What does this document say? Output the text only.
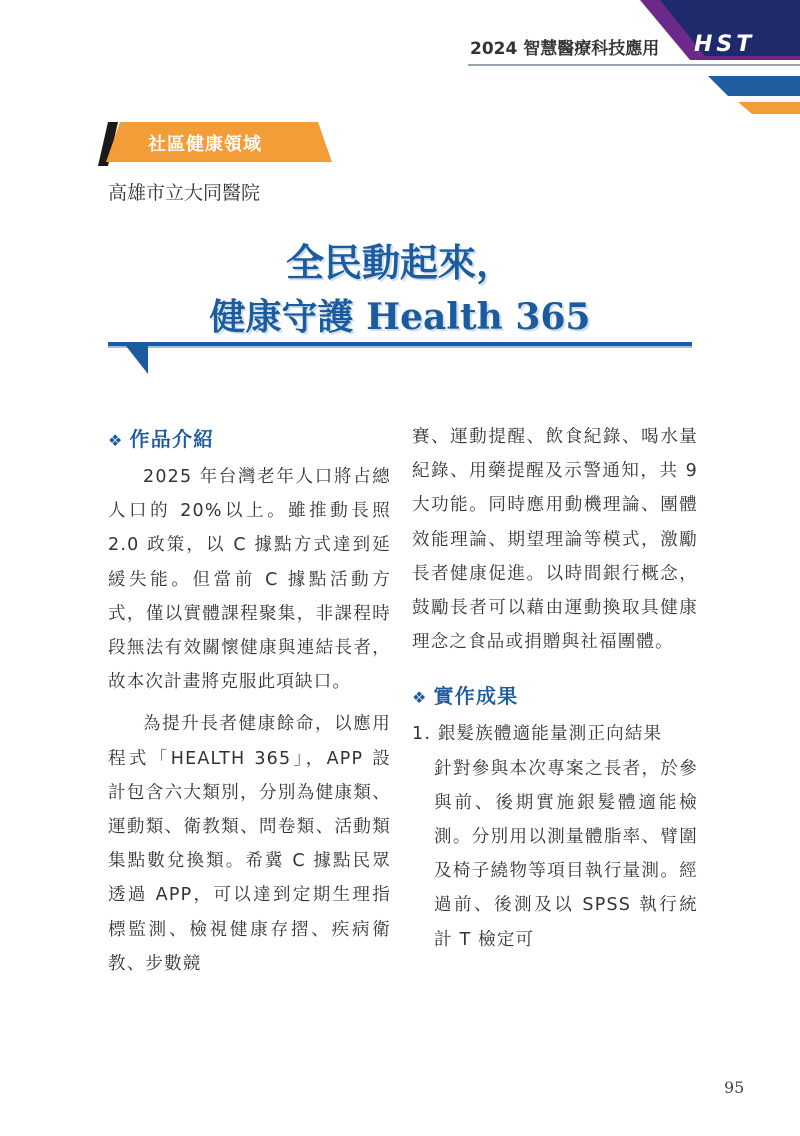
HST
2024 智慧醫療科技應用
社區健康領域
高雄市立大同醫院
全民動起來，
健康守護 Health 365
❖ 作品介紹

2025 年台灣老年人口將占總人口的 20%以上。雖推動長照 2.0 政策，以 C 據點方式達到延緩失能。但當前 C 據點活動方式，僅以實體課程聚集，非課程時段無法有效關懷健康與連結長者，故本次計畫將克服此項缺口。

為提升長者健康餘命，以應用程式「HEALTH 365」，APP 設計包含六大類別，分別為健康類、運動類、衛教類、問卷類、活動類集點數兌換類。希冀 C 據點民眾透過 APP，可以達到定期生理指標監測、檢視健康存摺、疾病衛教、步數競

賽、運動提醒、飲食紀錄、喝水量紀錄、用藥提醒及示警通知，共 9 大功能。同時應用動機理論、團體效能理論、期望理論等模式，激勵長者健康促進。以時間銀行概念，鼓勵長者可以藉由運動換取具健康理念之食品或捐贈與社福團體。

❖ 實作成果

1. 銀髮族體適能量測正向結果

針對參與本次專案之長者，於參與前、後期實施銀髮體適能檢測。分別用以測量體脂率、臂圍及椅子繞物等項目執行量測。經過前、後測及以 SPSS 執行統計 T 檢定可

95
